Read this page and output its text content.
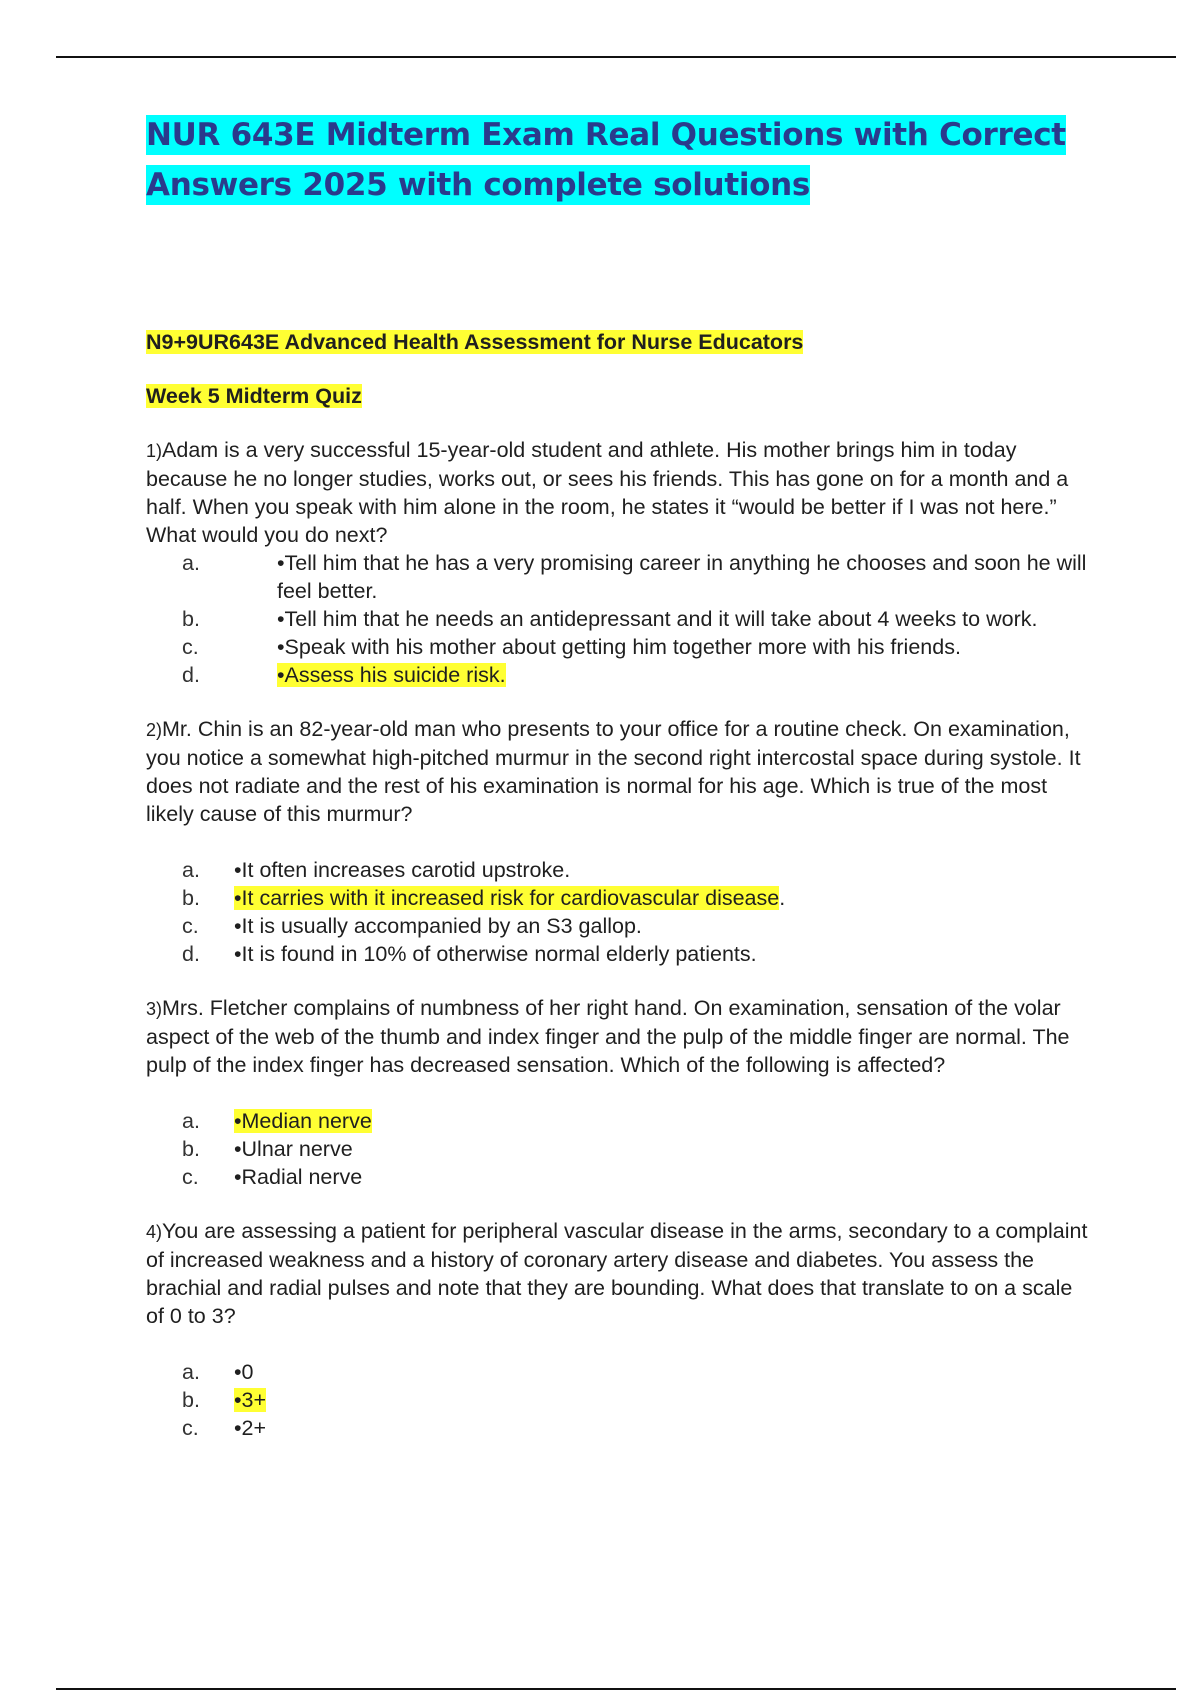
NUR 643E Midterm Exam Real Questions with Correct Answers 2025 with complete solutions
N9+9UR643E Advanced Health Assessment for Nurse Educators
Week 5 Midterm Quiz
1)Adam is a very successful 15-year-old student and athlete. His mother brings him in today because he no longer studies, works out, or sees his friends. This has gone on for a month and a half. When you speak with him alone in the room, he states it “would be better if I was not here.” What would you do next?
a.	•Tell him that he has a very promising career in anything he chooses and soon he will feel better.
b.	•Tell him that he needs an antidepressant and it will take about 4 weeks to work.
c.	•Speak with his mother about getting him together more with his friends.
d.	•Assess his suicide risk.
2)Mr. Chin is an 82-year-old man who presents to your office for a routine check. On examination, you notice a somewhat high-pitched murmur in the second right intercostal space during systole. It does not radiate and the rest of his examination is normal for his age. Which is true of the most likely cause of this murmur?
a.	•It often increases carotid upstroke.
b.	•It carries with it increased risk for cardiovascular disease.
c.	•It is usually accompanied by an S3 gallop.
d.	•It is found in 10% of otherwise normal elderly patients.
3)Mrs. Fletcher complains of numbness of her right hand. On examination, sensation of the volar aspect of the web of the thumb and index finger and the pulp of the middle finger are normal. The pulp of the index finger has decreased sensation. Which of the following is affected?
a.	•Median nerve
b.	•Ulnar nerve
c.	•Radial nerve
4)You are assessing a patient for peripheral vascular disease in the arms, secondary to a complaint of increased weakness and a history of coronary artery disease and diabetes. You assess the brachial and radial pulses and note that they are bounding. What does that translate to on a scale of 0 to 3?
a.	•0
b.	•3+
c.	•2+
